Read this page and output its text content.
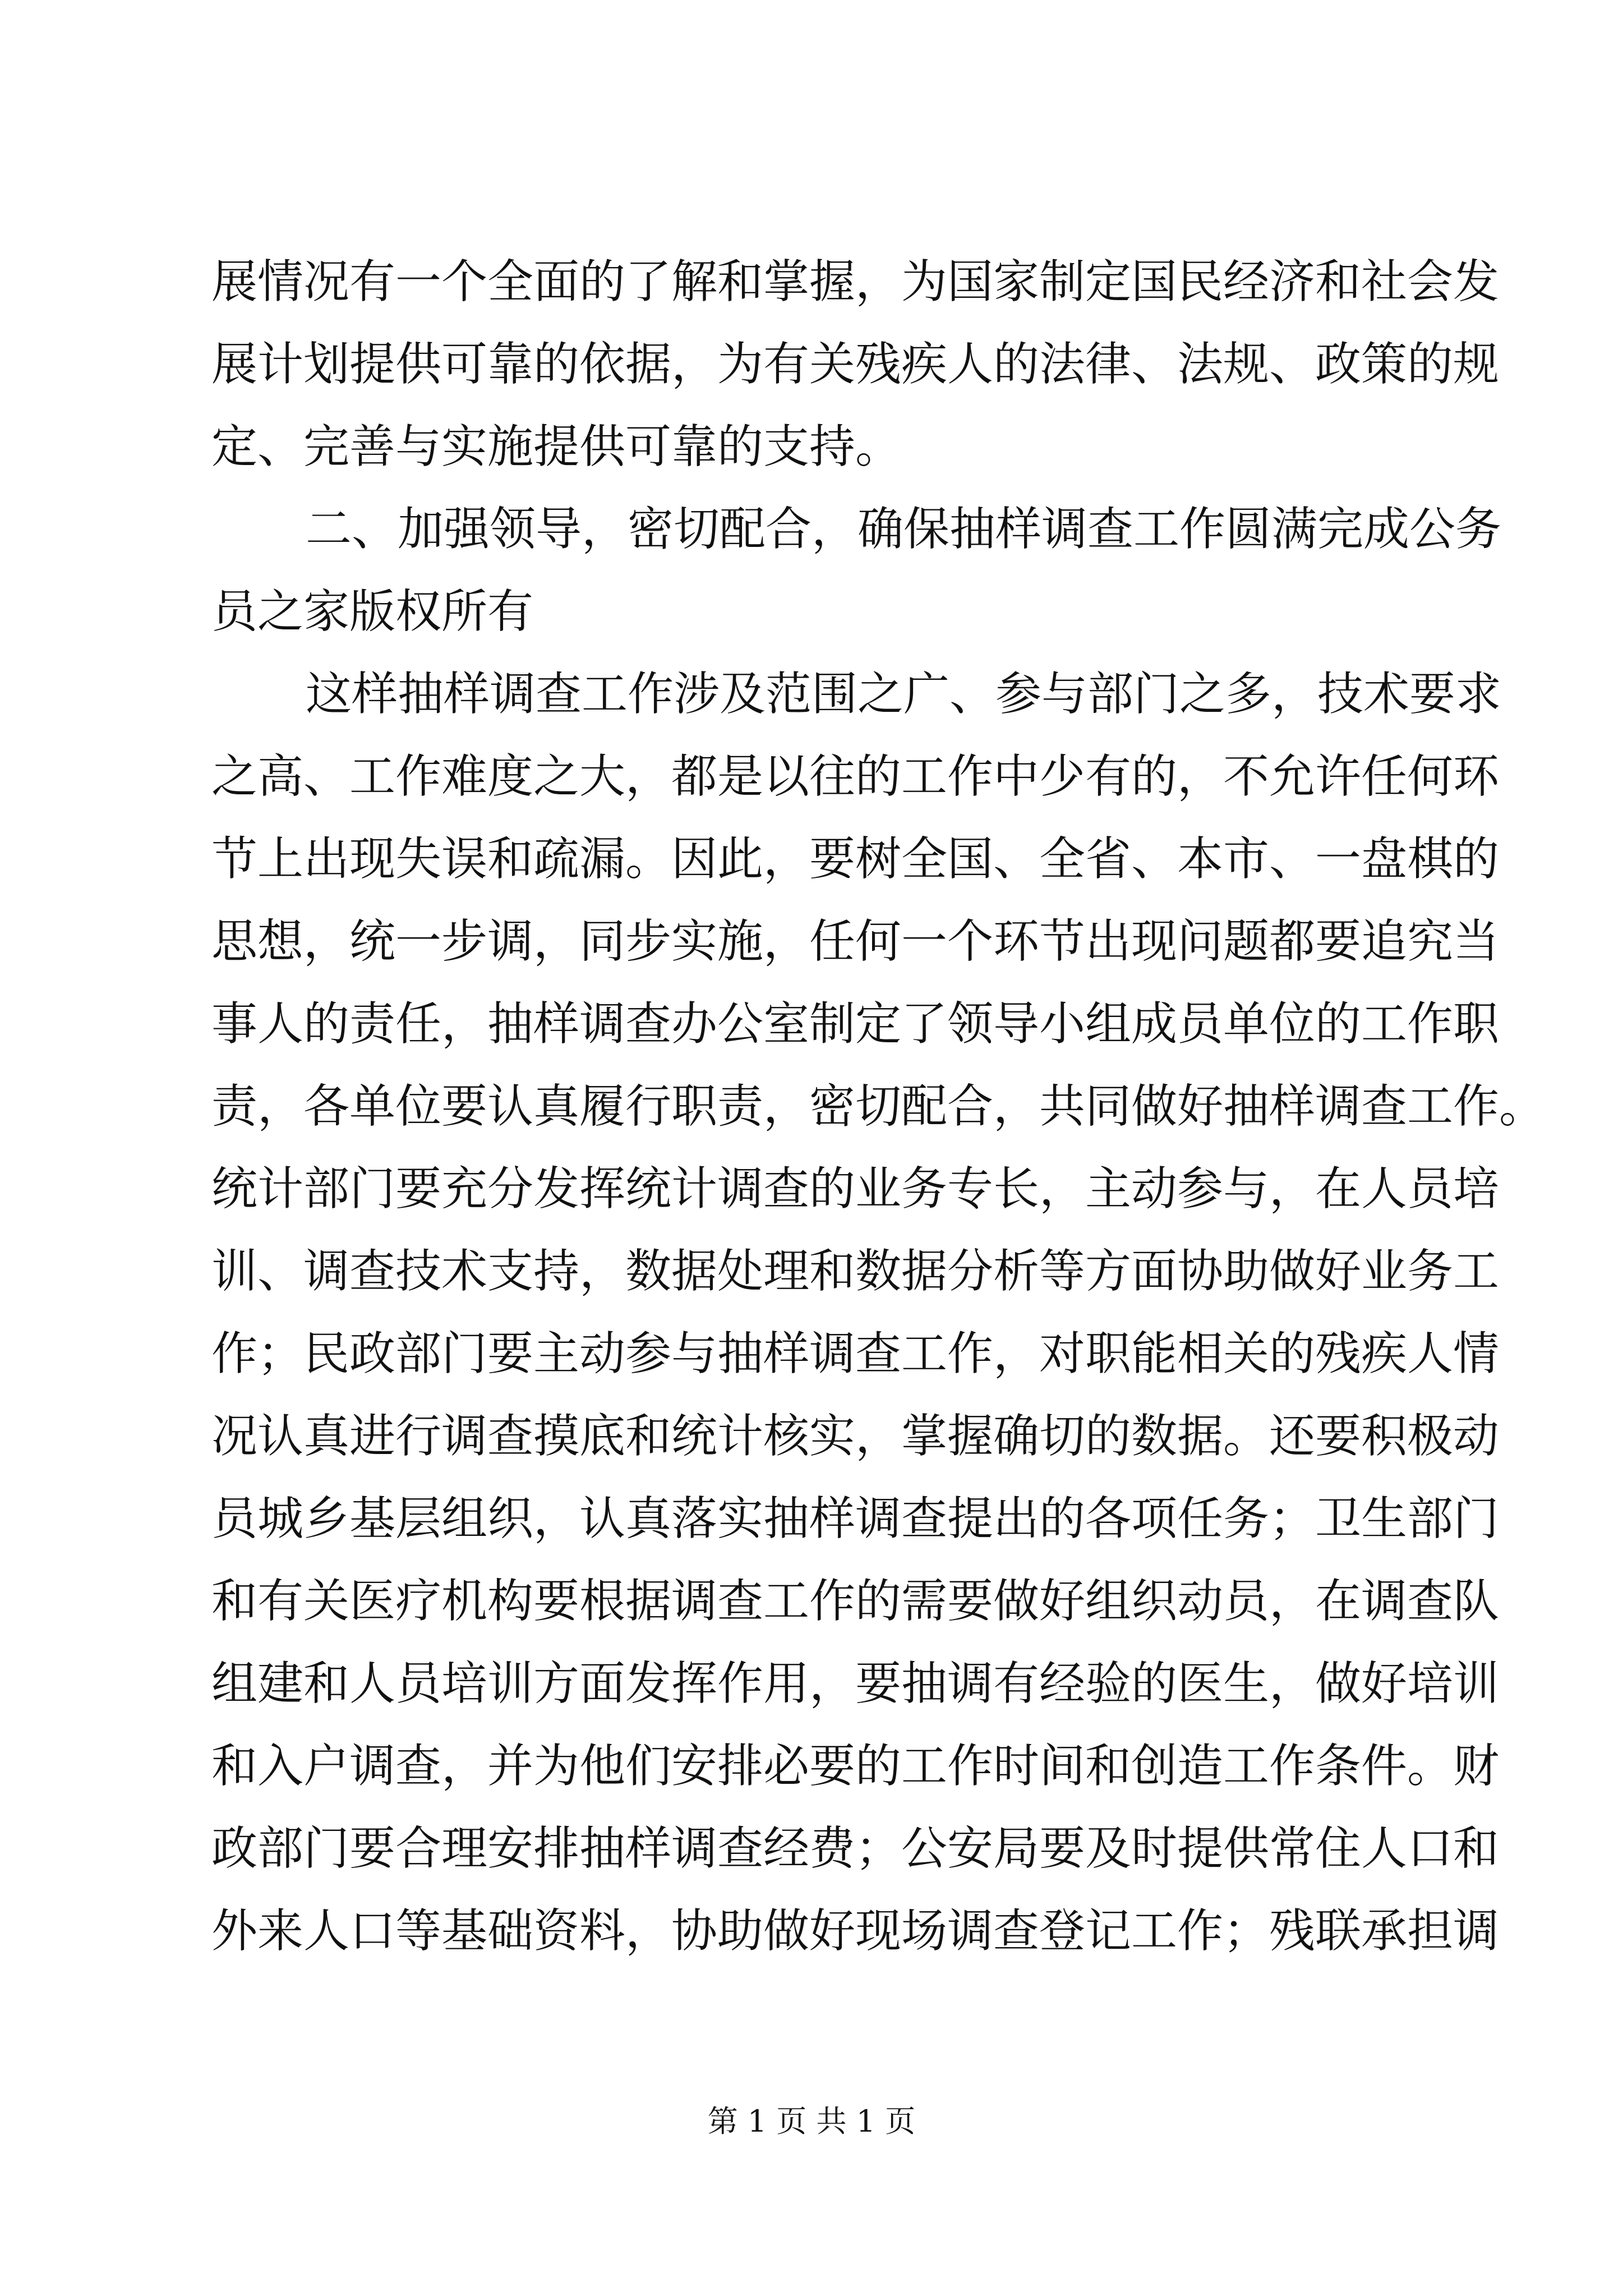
展情况有一个全面的了解和掌握，为国家制定国民经济和社会发
展计划提供可靠的依据，为有关残疾人的法律、法规、政策的规
定、完善与实施提供可靠的支持。
二、加强领导，密切配合，确保抽样调查工作圆满完成公务
员之家版权所有
这样抽样调查工作涉及范围之广、参与部门之多，技术要求
之高、工作难度之大，都是以往的工作中少有的，不允许任何环
节上出现失误和疏漏。因此，要树全国、全省、本市、一盘棋的
思想，统一步调，同步实施，任何一个环节出现问题都要追究当
事人的责任，抽样调查办公室制定了领导小组成员单位的工作职
责，各单位要认真履行职责，密切配合，共同做好抽样调查工作。
统计部门要充分发挥统计调查的业务专长，主动参与，在人员培
训、调查技术支持，数据处理和数据分析等方面协助做好业务工
作；民政部门要主动参与抽样调查工作，对职能相关的残疾人情
况认真进行调查摸底和统计核实，掌握确切的数据。还要积极动
员城乡基层组织，认真落实抽样调查提出的各项任务；卫生部门
和有关医疗机构要根据调查工作的需要做好组织动员，在调查队
组建和人员培训方面发挥作用，要抽调有经验的医生，做好培训
和入户调查，并为他们安排必要的工作时间和创造工作条件。财
政部门要合理安排抽样调查经费；公安局要及时提供常住人口和
外来人口等基础资料，协助做好现场调查登记工作；残联承担调
第 1 页 共 1 页
